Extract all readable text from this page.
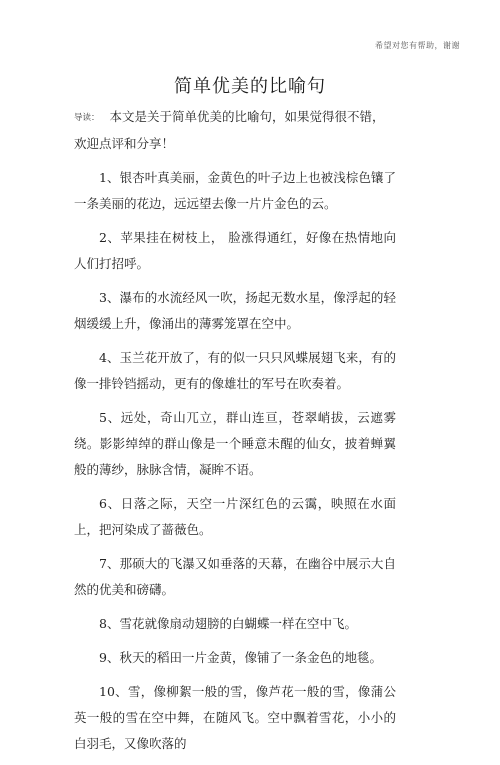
希望对您有帮助，谢谢
简单优美的比喻句

导读： 本文是关于简单优美的比喻句，如果觉得很不错，欢迎点评和分享！

1、银杏叶真美丽，金黄色的叶子边上也被浅棕色镶了一条美丽的花边，远远望去像一片片金色的云。

2、苹果挂在树枝上， 脸涨得通红，好像在热情地向人们打招呼。

3、瀑布的水流经风一吹，扬起无数水星，像浮起的轻烟缓缓上升，像涌出的薄雾笼罩在空中。

4、玉兰花开放了，有的似一只只风蝶展翅飞来，有的像一排铃铛摇动，更有的像雄壮的军号在吹奏着。

5、远处，奇山兀立，群山连亘，苍翠峭拔，云遮雾绕。影影绰绰的群山像是一个睡意未醒的仙女，披着蝉翼般的薄纱，脉脉含情，凝眸不语。

6、日落之际，天空一片深红色的云霭，映照在水面上，把河染成了蔷薇色。

7、那硕大的飞瀑又如垂落的天幕，在幽谷中展示大自然的优美和磅礴。

8、雪花就像扇动翅膀的白蝴蝶一样在空中飞。

9、秋天的稻田一片金黄，像铺了一条金色的地毯。

10、雪，像柳絮一般的雪，像芦花一般的雪，像蒲公英一般的雪在空中舞，在随风飞。空中飘着雪花，小小的白羽毛，又像吹落的
